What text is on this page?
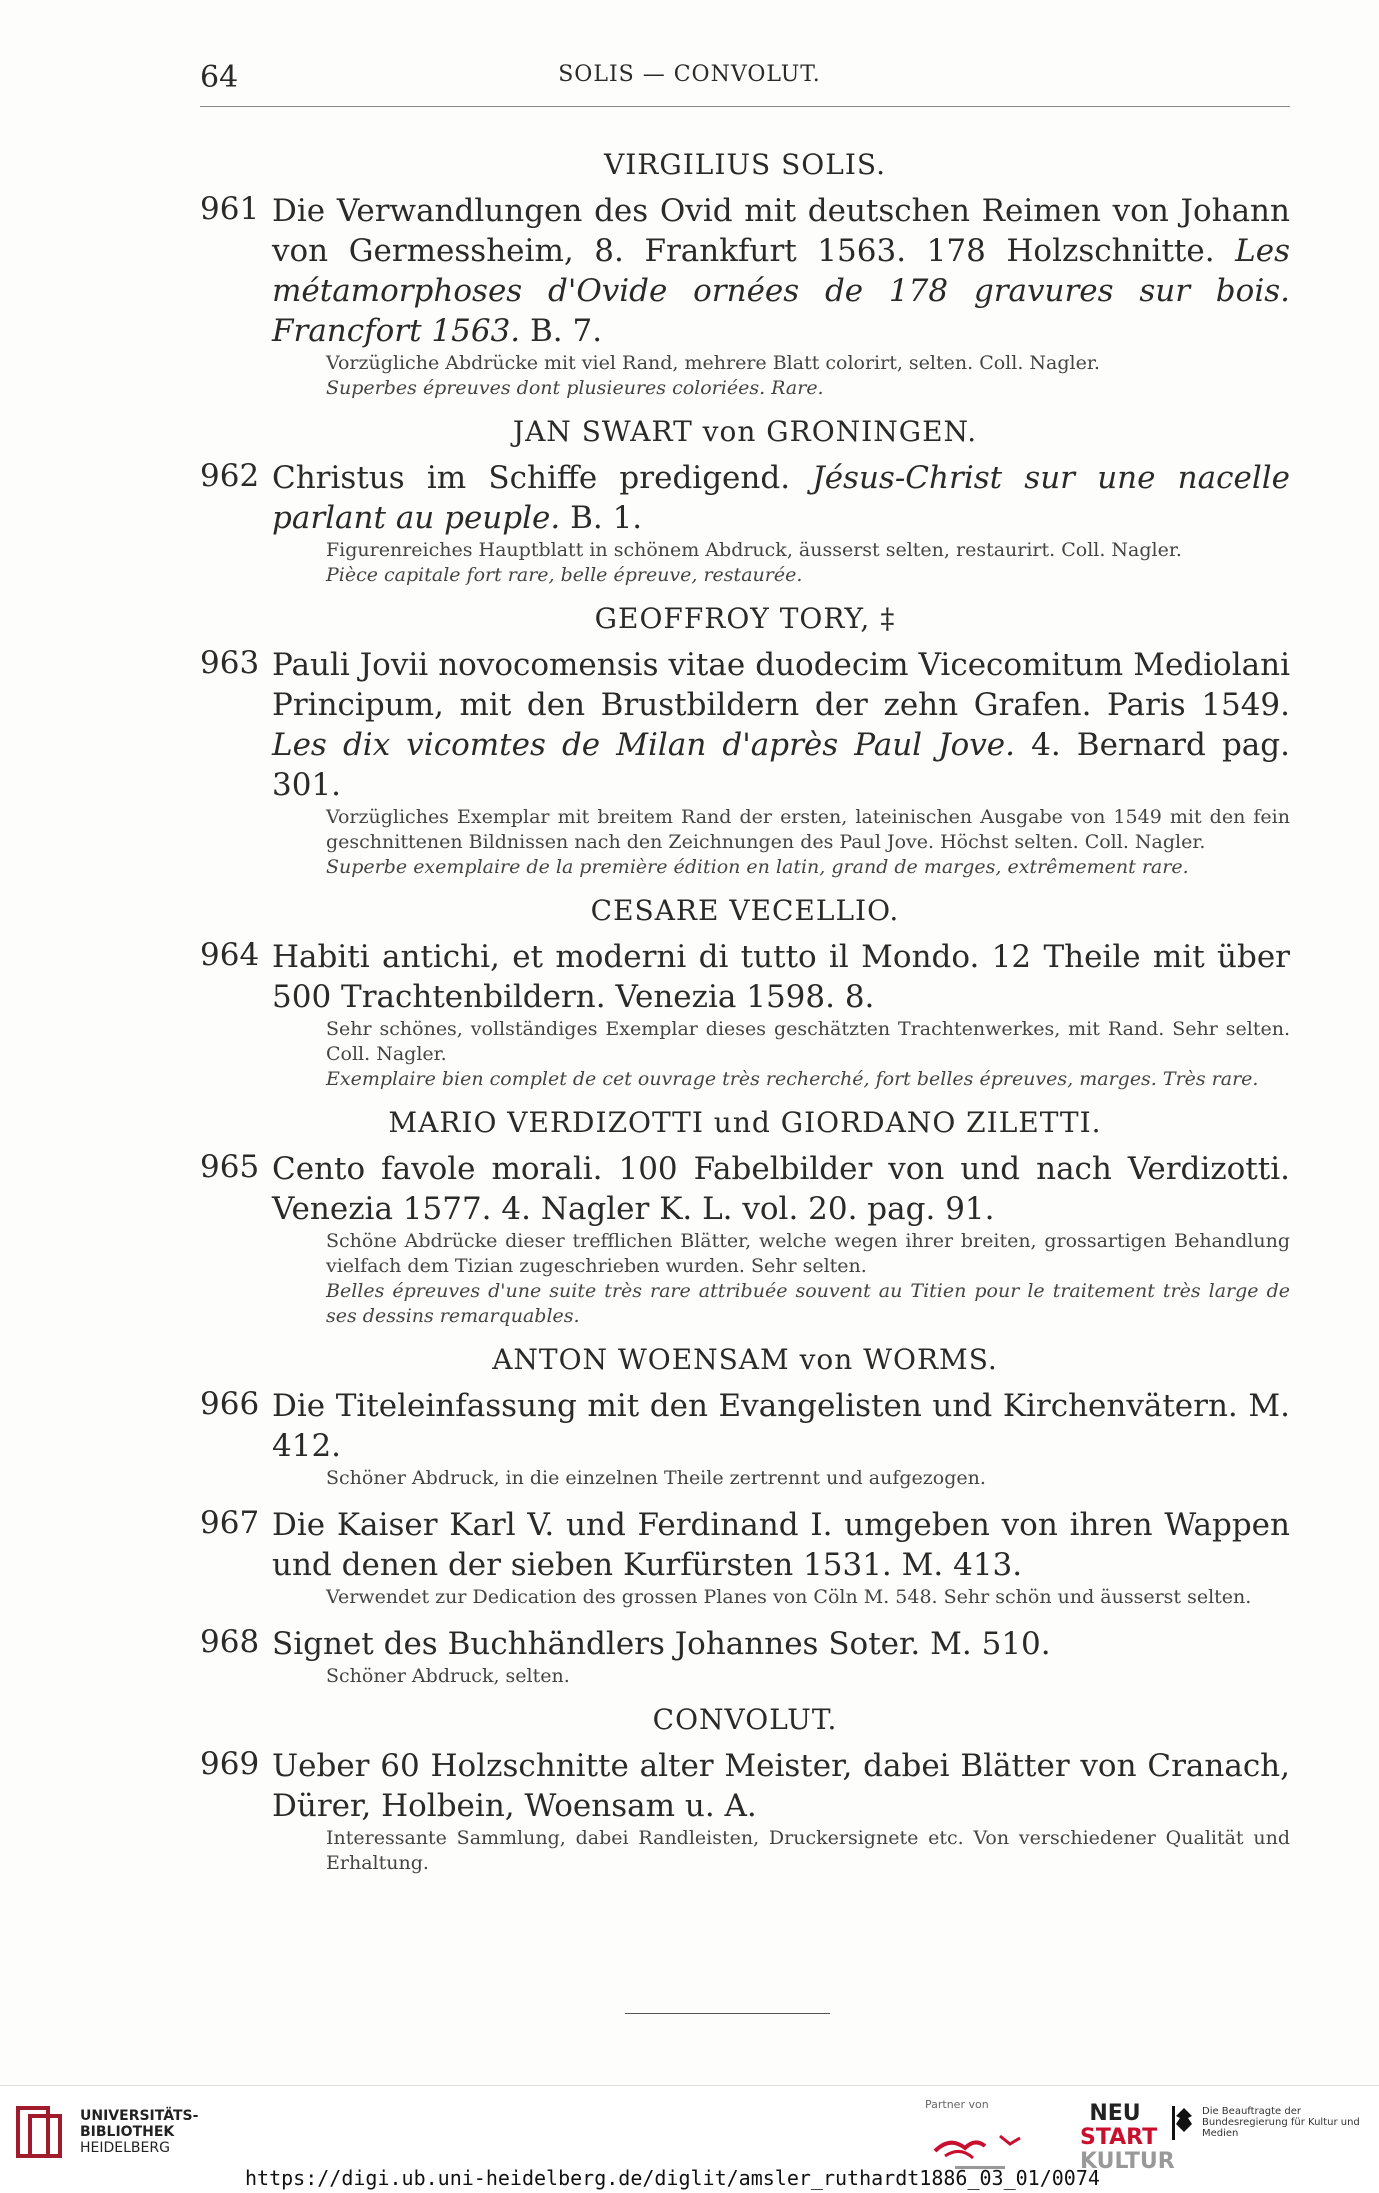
64	SOLIS — CONVOLUT.
VIRGILIUS SOLIS.
961 Die Verwandlungen des Ovid mit deutschen Reimen von Johann von Germessheim, 8. Frankfurt 1563. 178 Holzschnitte. Les métamorphoses d'Ovide ornées de 178 gravures sur bois. Francfort 1563. B. 7.
Vorzügliche Abdrücke mit viel Rand, mehrere Blatt colorirt, selten. Coll. Nagler.
Superbes épreuves dont plusieures coloriées. Rare.
JAN SWART von GRONINGEN.
962 Christus im Schiffe predigend. Jésus-Christ sur une nacelle parlant au peuple. B. 1.
Figurenreiches Hauptblatt in schönem Abdruck, äusserst selten, restaurirt. Coll. Nagler.
Pièce capitale fort rare, belle épreuve, restaurée.
GEOFFROY TORY, ‡
963 Pauli Jovii novocomensis vitae duodecim Vicecomitum Mediolani Principum, mit den Brustbildern der zehn Grafen. Paris 1549. Les dix vicomtes de Milan d'après Paul Jove. 4. Bernard pag. 301.
Vorzügliches Exemplar mit breitem Rand der ersten, lateinischen Ausgabe von 1549 mit den fein geschnittenen Bildnissen nach den Zeichnungen des Paul Jove. Höchst selten. Coll. Nagler.
Superbe exemplaire de la première édition en latin, grand de marges, extrêmement rare.
CESARE VECELLIO.
964 Habiti antichi, et moderni di tutto il Mondo. 12 Theile mit über 500 Trachtenbildern. Venezia 1598. 8.
Sehr schönes, vollständiges Exemplar dieses geschätzten Trachtenwerkes, mit Rand. Sehr selten. Coll. Nagler.
Exemplaire bien complet de cet ouvrage très recherché, fort belles épreuves, marges. Très rare.
MARIO VERDIZOTTI und GIORDANO ZILETTI.
965 Cento favole morali. 100 Fabelbilder von und nach Verdizotti. Venezia 1577. 4. Nagler K. L. vol. 20. pag. 91.
Schöne Abdrücke dieser trefflichen Blätter, welche wegen ihrer breiten, grossartigen Behandlung vielfach dem Tizian zugeschrieben wurden. Sehr selten.
Belles épreuves d'une suite très rare attribuée souvent au Titien pour le traitement très large de ses dessins remarquables.
ANTON WOENSAM von WORMS.
966 Die Titeleinfassung mit den Evangelisten und Kirchenvätern. M. 412.
Schöner Abdruck, in die einzelnen Theile zertrennt und aufgezogen.
967 Die Kaiser Karl V. und Ferdinand I. umgeben von ihren Wappen und denen der sieben Kurfürsten 1531. M. 413.
Verwendet zur Dedication des grossen Planes von Cöln M. 548. Sehr schön und äusserst selten.
968 Signet des Buchhändlers Johannes Soter. M. 510.
Schöner Abdruck, selten.
CONVOLUT.
969 Ueber 60 Holzschnitte alter Meister, dabei Blätter von Cranach, Dürer, Holbein, Woensam u. A.
Interessante Sammlung, dabei Randleisten, Druckersignete etc. Von verschiedener Qualität und Erhaltung.
UNIVERSITÄTS-
BIBLIOTHEK
HEIDELBERG
Partner von	NEU
START
KULTUR
Die Beauftragte der Bundesregierung für Kultur und Medien
https://digi.ub.uni-heidelberg.de/diglit/amsler_ruthardt1886_03_01/0074
